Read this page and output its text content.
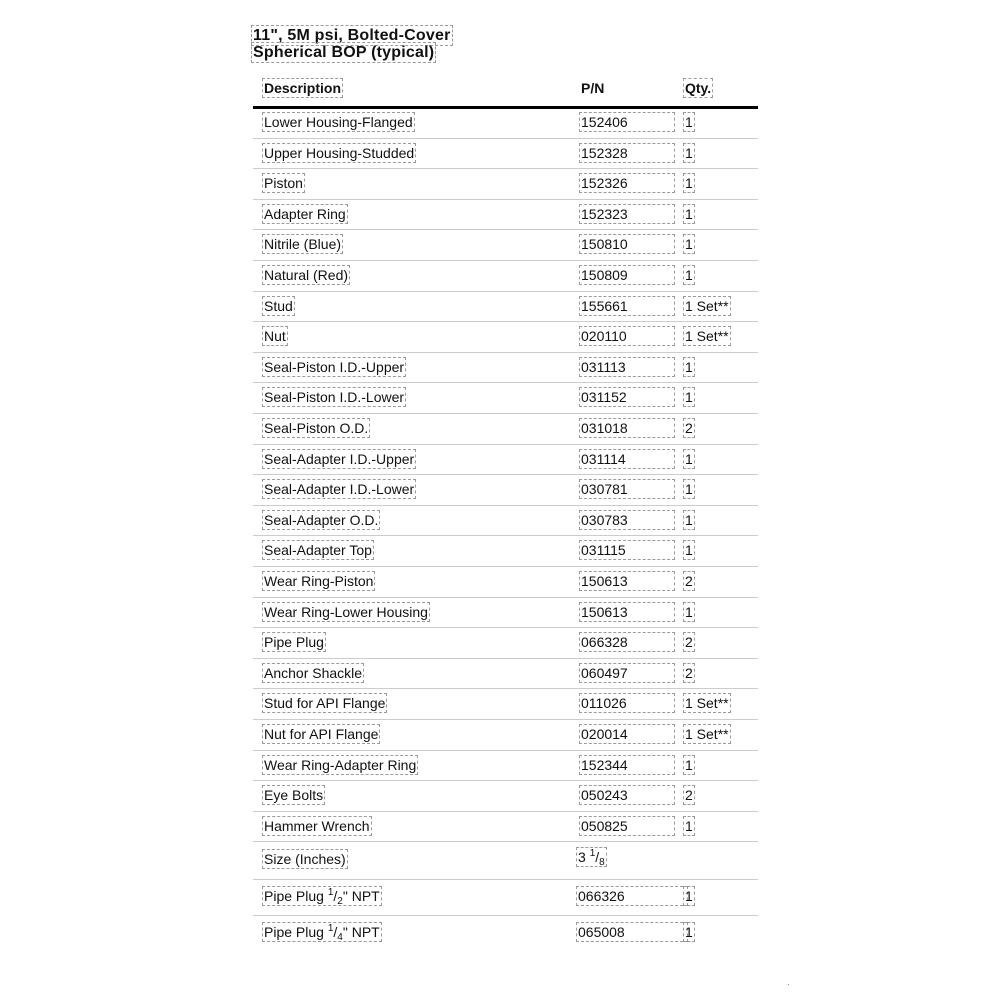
11", 5M psi, Bolted-Cover
Spherical BOP (typical)
Description	P/N	Qty.
Lower Housing-Flanged	152406	1
Upper Housing-Studded	152328	1
Piston	152326	1
Adapter Ring	152323	1
Nitrile (Blue)	150810	1
Natural (Red)	150809	1
Stud	155661	1 Set**
Nut	020110	1 Set**
Seal-Piston I.D.-Upper	031113	1
Seal-Piston I.D.-Lower	031152	1
Seal-Piston O.D.	031018	2
Seal-Adapter I.D.-Upper	031114	1
Seal-Adapter I.D.-Lower	030781	1
Seal-Adapter O.D.	030783	1
Seal-Adapter Top	031115	1
Wear Ring-Piston	150613	2
Wear Ring-Lower Housing	150613	1
Pipe Plug	066328	2
Anchor Shackle	060497	2
Stud for API Flange	011026	1 Set**
Nut for API Flange	020014	1 Set**
Wear Ring-Adapter Ring	152344	1
Eye Bolts	050243	2
Hammer Wrench	050825	1
Size (Inches)	3 $^1/_8$
Pipe Plug $^1/_2$" NPT	066326	1
Pipe Plug $^1/_4$" NPT	065008	1
·
